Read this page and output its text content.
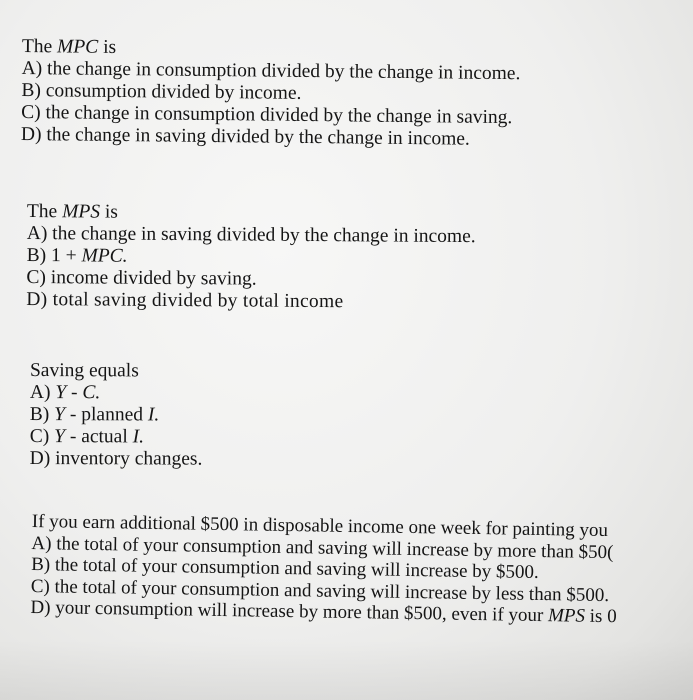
The MPC is
A) the change in consumption divided by the change in income.
B) consumption divided by income.
C) the change in consumption divided by the change in saving.
D) the change in saving divided by the change in income.
The MPS is
A) the change in saving divided by the change in income.
B) 1 + MPC.
C) income divided by saving.
D) total saving divided by total income
Saving equals
A) Y - C.
B) Y - planned I.
C) Y - actual I.
D) inventory changes.
If you earn additional $500 in disposable income one week for painting you
A) the total of your consumption and saving will increase by more than $50(
B) the total of your consumption and saving will increase by $500.
C) the total of your consumption and saving will increase by less than $500.
D) your consumption will increase by more than $500, even if your MPS is 0
